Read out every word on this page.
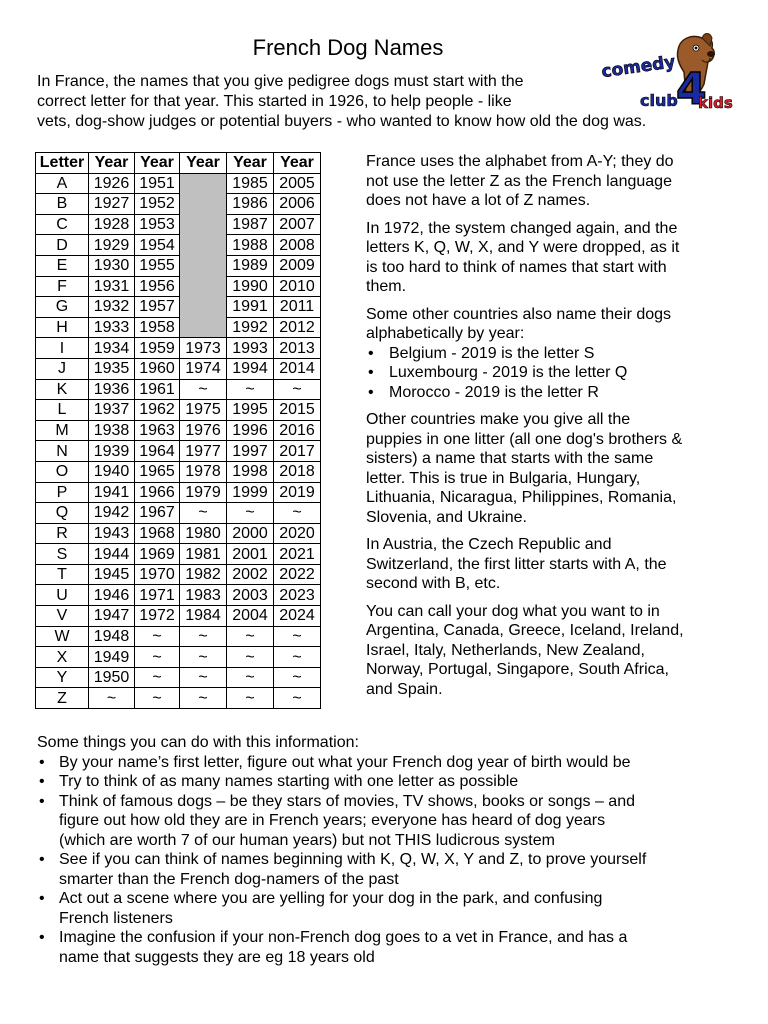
French Dog Names
In France, the names that you give pedigree dogs must start with the
correct letter for that year. This started in 1926, to help people - like
vets, dog-show judges or potential buyers - who wanted to know how old the dog was.
4
comedy
club kids
Letter	Year	Year	Year	Year	Year
A	1926	1951		1985	2005
B	1927	1952		1986	2006
C	1928	1953		1987	2007
D	1929	1954		1988	2008
E	1930	1955		1989	2009
F	1931	1956		1990	2010
G	1932	1957		1991	2011
H	1933	1958		1992	2012
I	1934	1959	1973	1993	2013
J	1935	1960	1974	1994	2014
K	1936	1961	~	~	~
L	1937	1962	1975	1995	2015
M	1938	1963	1976	1996	2016
N	1939	1964	1977	1997	2017
O	1940	1965	1978	1998	2018
P	1941	1966	1979	1999	2019
Q	1942	1967	~	~	~
R	1943	1968	1980	2000	2020
S	1944	1969	1981	2001	2021
T	1945	1970	1982	2002	2022
U	1946	1971	1983	2003	2023
V	1947	1972	1984	2004	2024
W	1948	~	~	~	~
X	1949	~	~	~	~
Y	1950	~	~	~	~
Z	~	~	~	~	~

France uses the alphabet from A-Y; they do
not use the letter Z as the French language
does not have a lot of Z names.

In 1972, the system changed again, and the
letters K, Q, W, X, and Y were dropped, as it
is too hard to think of names that start with
them.

Some other countries also name their dogs
alphabetically by year:

• Belgium - 2019 is the letter S
• Luxembourg - 2019 is the letter Q
• Morocco - 2019 is the letter R

Other countries make you give all the
puppies in one litter (all one dog's brothers &
sisters) a name that starts with the same
letter. This is true in Bulgaria, Hungary,
Lithuania, Nicaragua, Philippines, Romania,
Slovenia, and Ukraine.

In Austria, the Czech Republic and
Switzerland, the first litter starts with A, the
second with B, etc.

You can call your dog what you want to in
Argentina, Canada, Greece, Iceland, Ireland,
Israel, Italy, Netherlands, New Zealand,
Norway, Portugal, Singapore, South Africa,
and Spain.

Some things you can do with this information:

• By your name’s first letter, figure out what your French dog year of birth would be
• Try to think of as many names starting with one letter as possible
• Think of famous dogs – be they stars of movies, TV shows, books or songs – and
figure out how old they are in French years; everyone has heard of dog years
(which are worth 7 of our human years) but not THIS ludicrous system
• See if you can think of names beginning with K, Q, W, X, Y and Z, to prove yourself
smarter than the French dog-namers of the past
• Act out a scene where you are yelling for your dog in the park, and confusing
French listeners
• Imagine the confusion if your non-French dog goes to a vet in France, and has a
name that suggests they are eg 18 years old
